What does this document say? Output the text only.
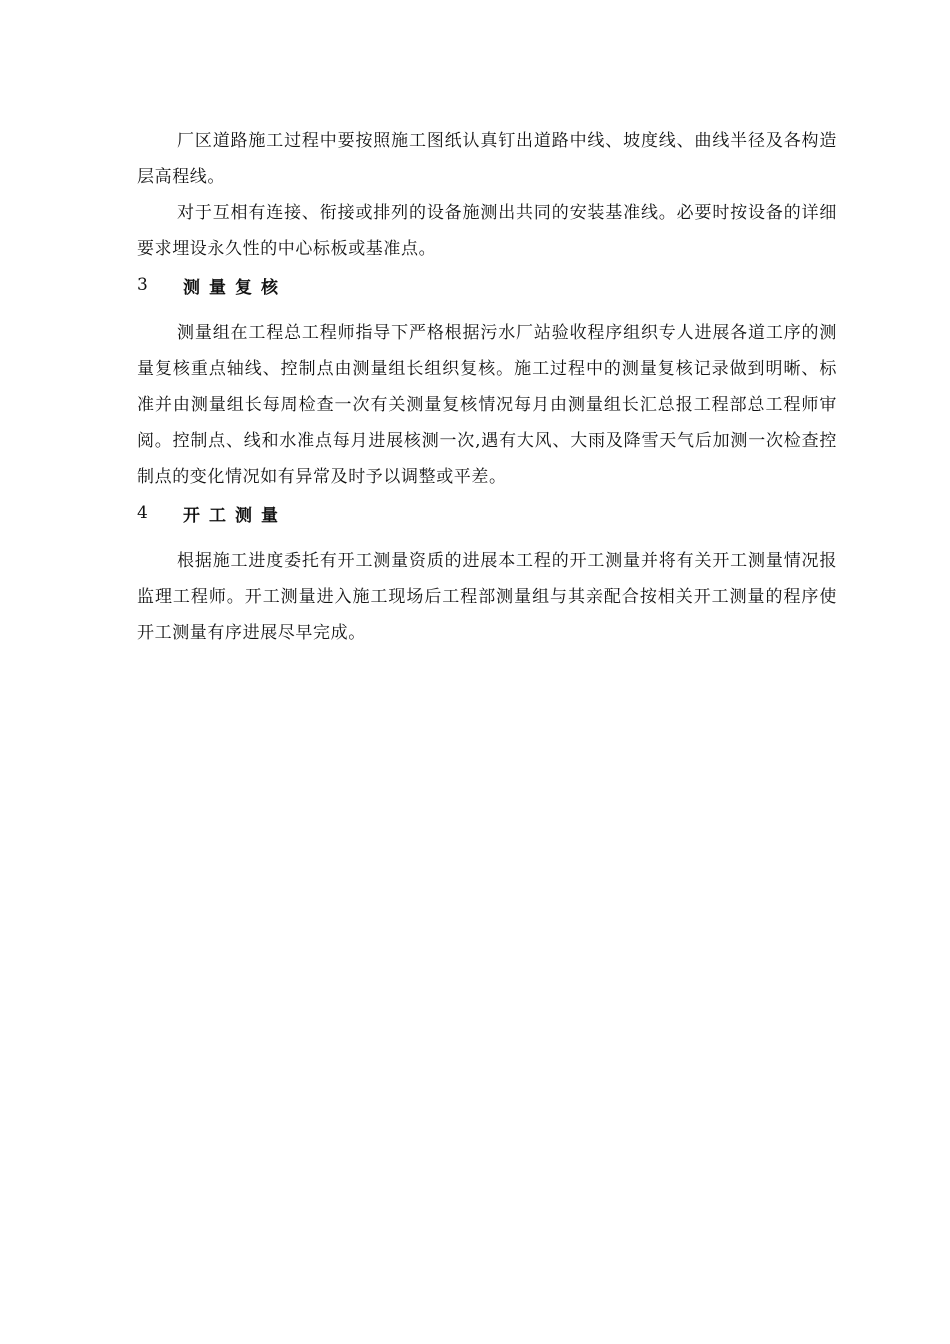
厂区道路施工过程中要按照施工图纸认真钉出道路中线、坡度线、曲线半径及各构造层高程线。

对于互相有连接、衔接或排列的设备施测出共同的安装基准线。必要时按设备的详细要求埋设永久性的中心标板或基准点。

3	测量复核

测量组在工程总工程师指导下严格根据污水厂站验收程序组织专人进展各道工序的测量复核重点轴线、控制点由测量组长组织复核。施工过程中的测量复核记录做到明晰、标准并由测量组长每周检查一次有关测量复核情况每月由测量组长汇总报工程部总工程师审阅。控制点、线和水准点每月进展核测一次,遇有大风、大雨及降雪天气后加测一次检查控制点的变化情况如有异常及时予以调整或平差。

4	开工测量

根据施工进度委托有开工测量资质的进展本工程的开工测量并将有关开工测量情况报监理工程师。开工测量进入施工现场后工程部测量组与其亲配合按相关开工测量的程序使开工测量有序进展尽早完成。
